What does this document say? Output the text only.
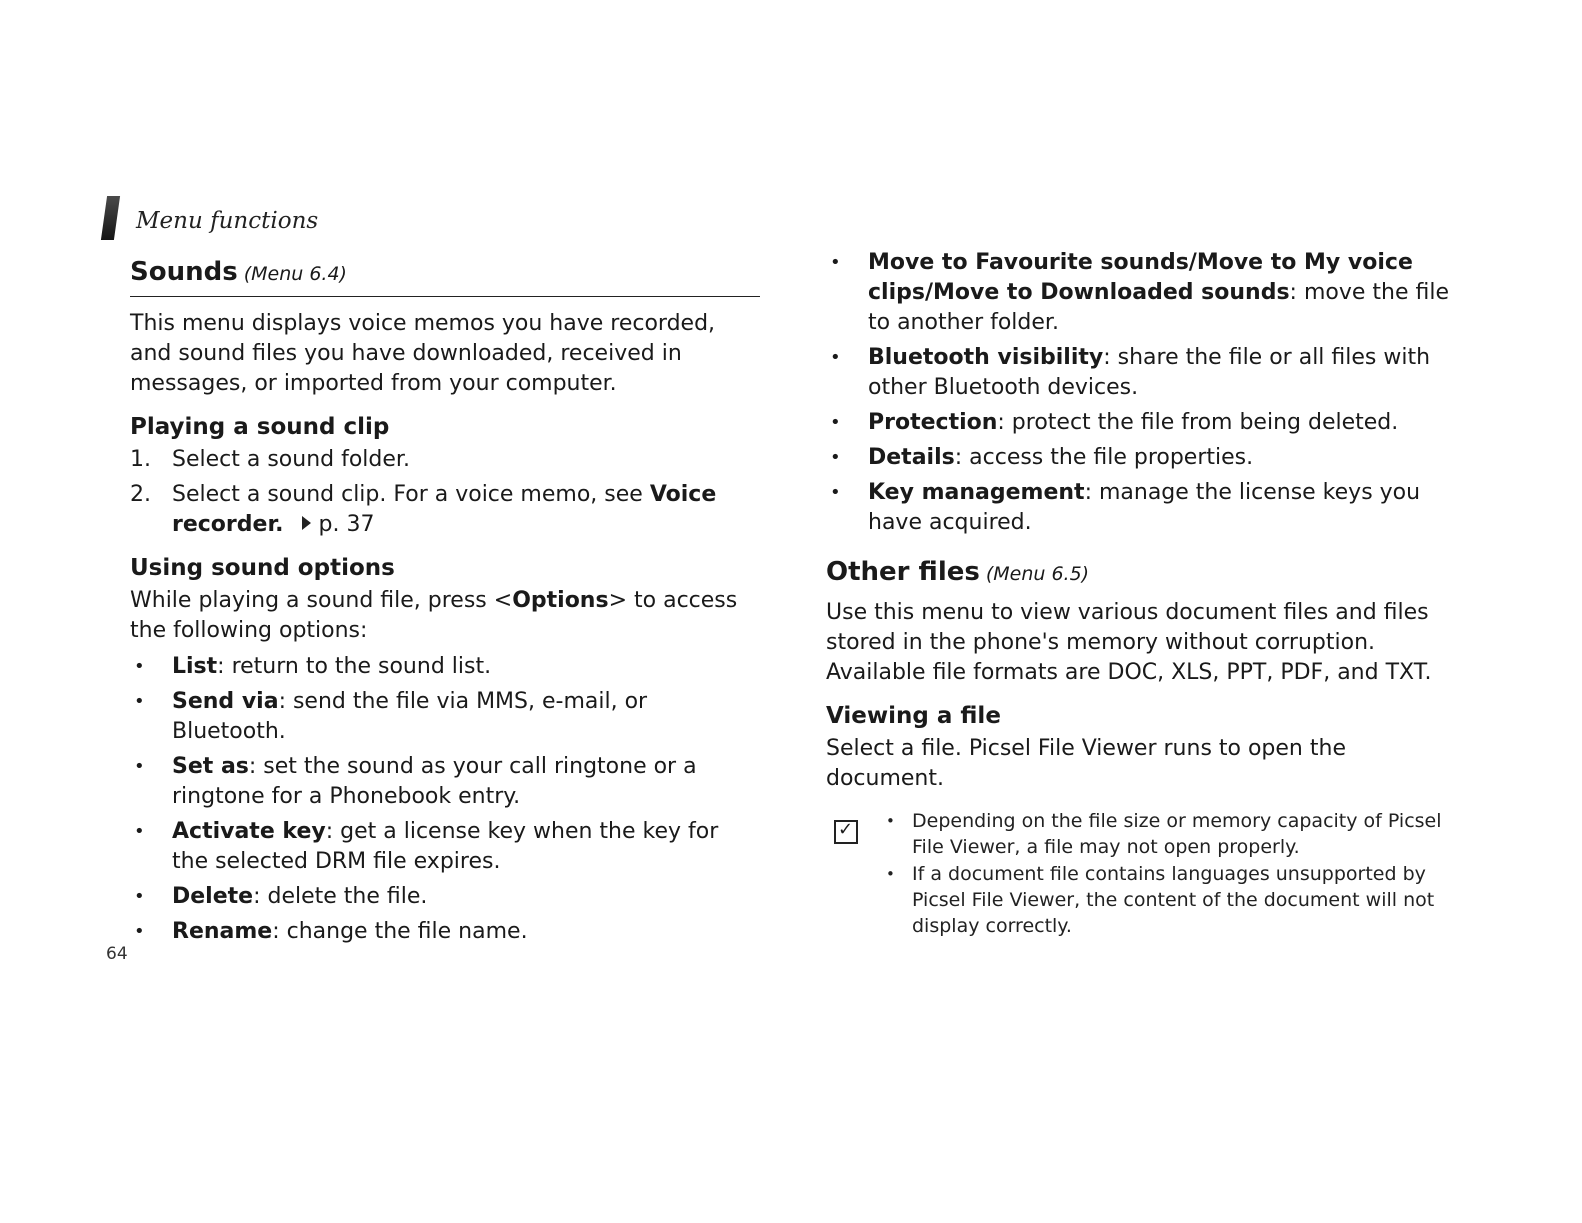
Menu functions
Sounds (Menu 6.4)

This menu displays voice memos you have recorded, and sound files you have downloaded, received in messages, or imported from your computer.

Playing a sound clip
1. Select a sound folder.
2. Select a sound clip. For a voice memo, see Voice recorder. p. 37
Using sound options

While playing a sound file, press <Options> to access the following options:

• List: return to the sound list.
• Send via: send the file via MMS, e-mail, or Bluetooth.
• Set as: set the sound as your call ringtone or a ringtone for a Phonebook entry.
• Activate key: get a license key when the key for the selected DRM file expires.
• Delete: delete the file.
• Rename: change the file name.
• Move to Favourite sounds/Move to My voice clips/Move to Downloaded sounds: move the file to another folder.
• Bluetooth visibility: share the file or all files with other Bluetooth devices.
• Protection: protect the file from being deleted.
• Details: access the file properties.
• Key management: manage the license keys you have acquired.
Other files (Menu 6.5)

Use this menu to view various document files and files stored in the phone's memory without corruption. Available file formats are DOC, XLS, PPT, PDF, and TXT.

Viewing a file

Select a file. Picsel File Viewer runs to open the document.

✓
• Depending on the file size or memory capacity of Picsel File Viewer, a file may not open properly.
• If a document file contains languages unsupported by Picsel File Viewer, the content of the document will not display correctly.
64
